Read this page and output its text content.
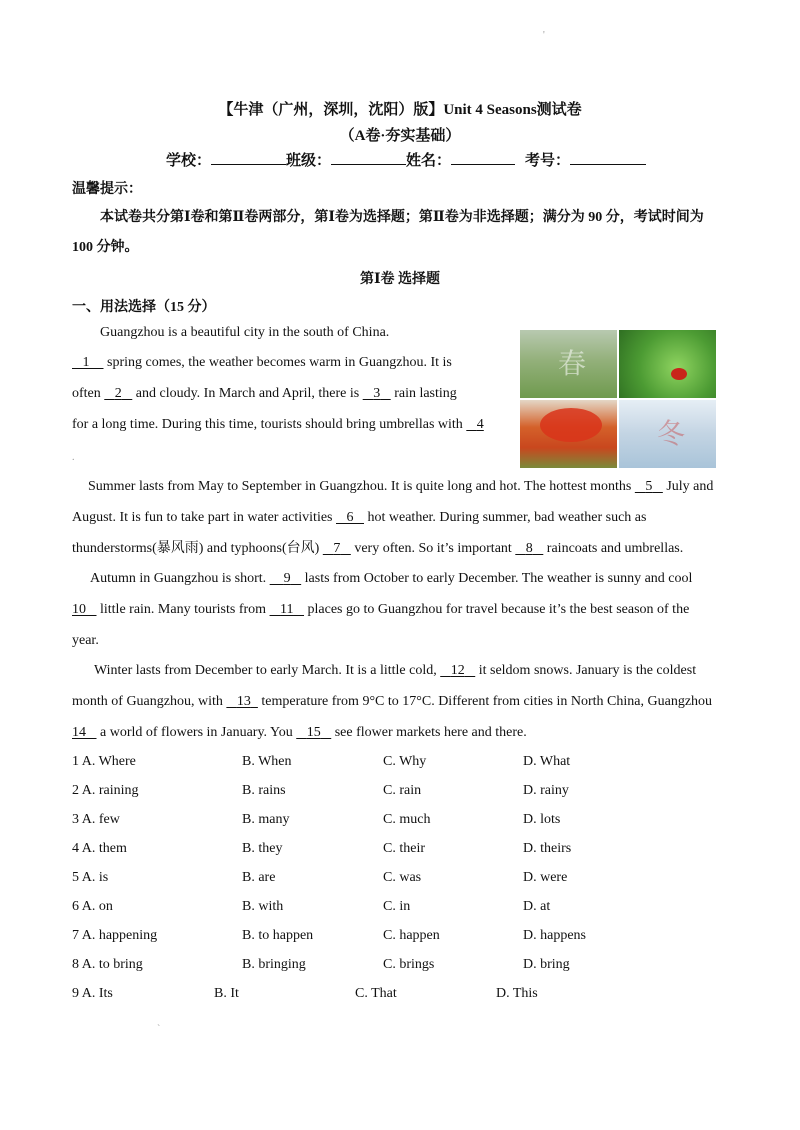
'
【牛津（广州，深圳，沈阳）版】Unit 4 Seasons测试卷
（A卷·夯实基础）
学校：	班级：	姓名：	考号：
温馨提示：
本试卷共分第Ⅰ卷和第Ⅱ卷两部分，第Ⅰ卷为选择题；第Ⅱ卷为非选择题；满分为 90 分，考试时间为
100 分钟。
第Ⅰ卷 选择题
一、用法选择（15 分）
Guangzhou is a beautiful city in the south of China.
1     spring comes, the weather becomes warm in Guangzhou. It is
often    2    and cloudy. In March and April, there is    3    rain lasting
for a long time. During this time, tourists should bring umbrellas with    4
春
冬
.
Summer lasts from May to September in Guangzhou. It is quite long and hot. The hottest months    5    July and
August. It is fun to take part in water activities    6    hot weather. During summer, bad weather such as
thunderstorms(暴风雨) and typhoons(台风)    7    very often. So it’s important    8    raincoats and umbrellas.
Autumn in Guangzhou is short.     9    lasts from October to early December. The weather is sunny and cool
10    little rain. Many tourists from    11    places go to Guangzhou for travel because it’s the best season of the
year.
Winter lasts from December to early March. It is a little cold,    12    it seldom snows. January is the coldest
month of Guangzhou, with    13   temperature from 9°C to 17°C. Different from cities in North China, Guangzhou
14    a world of flowers in January. You    15    see flower markets here and there.
1 A. Where	B. When	C. Why	D. What
2 A. raining	B. rains	C. rain	D. rainy
3 A. few	B. many	C. much	D. lots
4 A. them	B. they	C. their	D. theirs
5 A. is	B. are	C. was	D. were
6 A. on	B. with	C. in	D. at
7 A. happening	B. to happen	C. happen	D. happens
8 A. to bring	B. bringing	C. brings	D. bring
9 A. Its	B. It	C. That	D. This
`
